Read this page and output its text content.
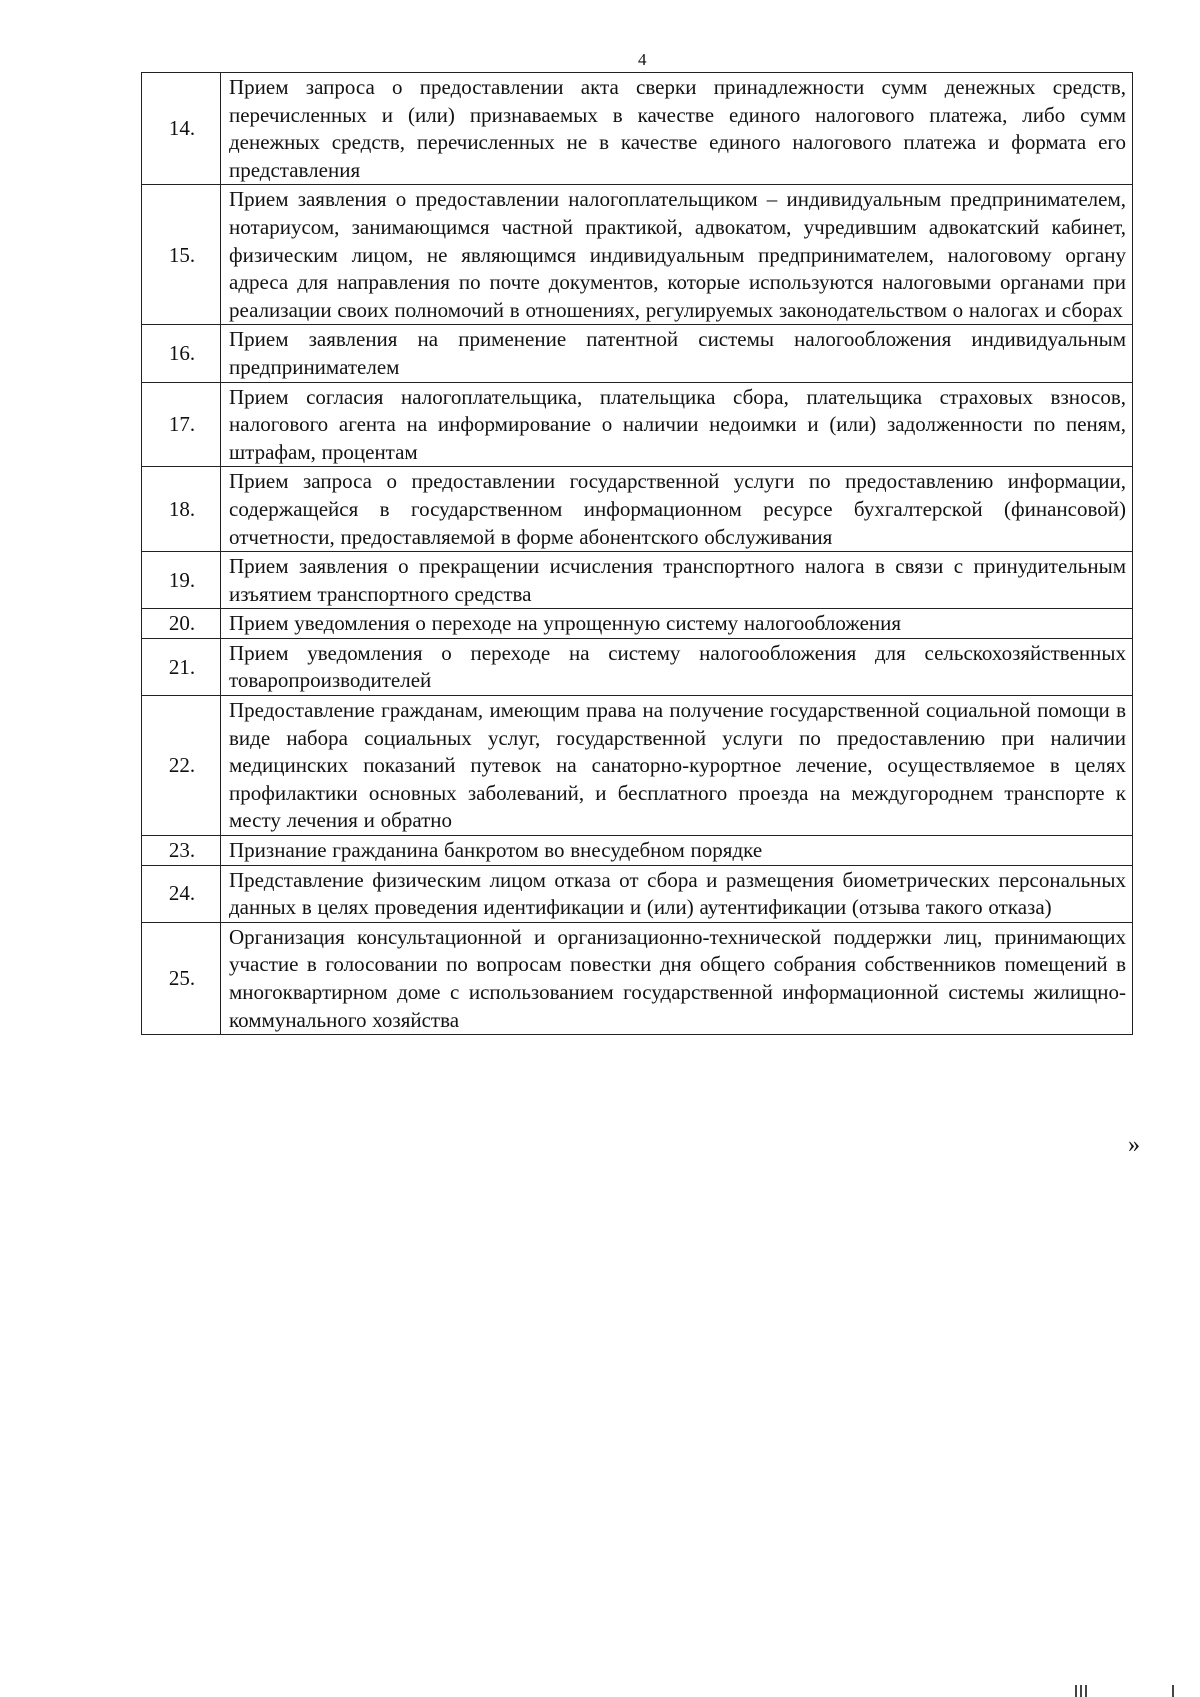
4
14.	Прием запроса о предоставлении акта сверки принадлежности сумм денежных средств, перечисленных и (или) признаваемых в качестве единого налогового платежа, либо сумм денежных средств, перечисленных не в качестве единого налогового платежа и формата его представления
15.	Прием заявления о предоставлении налогоплательщиком – индивидуальным предпринимателем, нотариусом, занимающимся частной практикой, адвокатом, учредившим адвокатский кабинет, физическим лицом, не являющимся индивидуальным предпринимателем, налоговому органу адреса для направления по почте документов, которые используются налоговыми органами при реализации своих полномочий в отношениях, регулируемых законодательством о налогах и сборах
16.	Прием заявления на применение патентной системы налогообложения индивидуальным предпринимателем
17.	Прием согласия налогоплательщика, плательщика сбора, плательщика страховых взносов, налогового агента на информирование о наличии недоимки и (или) задолженности по пеням, штрафам, процентам
18.	Прием запроса о предоставлении государственной услуги по предоставлению информации, содержащейся в государственном информационном ресурсе бухгалтерской (финансовой) отчетности, предоставляемой в форме абонентского обслуживания
19.	Прием заявления о прекращении исчисления транспортного налога в связи с принудительным изъятием транспортного средства
20.	Прием уведомления о переходе на упрощенную систему налогообложения
21.	Прием уведомления о переходе на систему налогообложения для сельскохозяйственных товаропроизводителей
22.	Предоставление гражданам, имеющим права на получение государственной социальной помощи в виде набора социальных услуг, государственной услуги по предоставлению при наличии медицинских показаний путевок на санаторно-курортное лечение, осуществляемое в целях профилактики основных заболеваний, и бесплатного проезда на междугороднем транспорте к месту лечения и обратно
23.	Признание гражданина банкротом во внесудебном порядке
24.	Представление физическим лицом отказа от сбора и размещения биометрических персональных данных в целях проведения идентификации и (или) аутентификации (отзыва такого отказа)
25.	Организация консультационной и организационно-технической поддержки лиц, принимающих участие в голосовании по вопросам повестки дня общего собрания собственников помещений в многоквартирном доме с использованием государственной информационной системы жилищно-коммунального хозяйства
»
